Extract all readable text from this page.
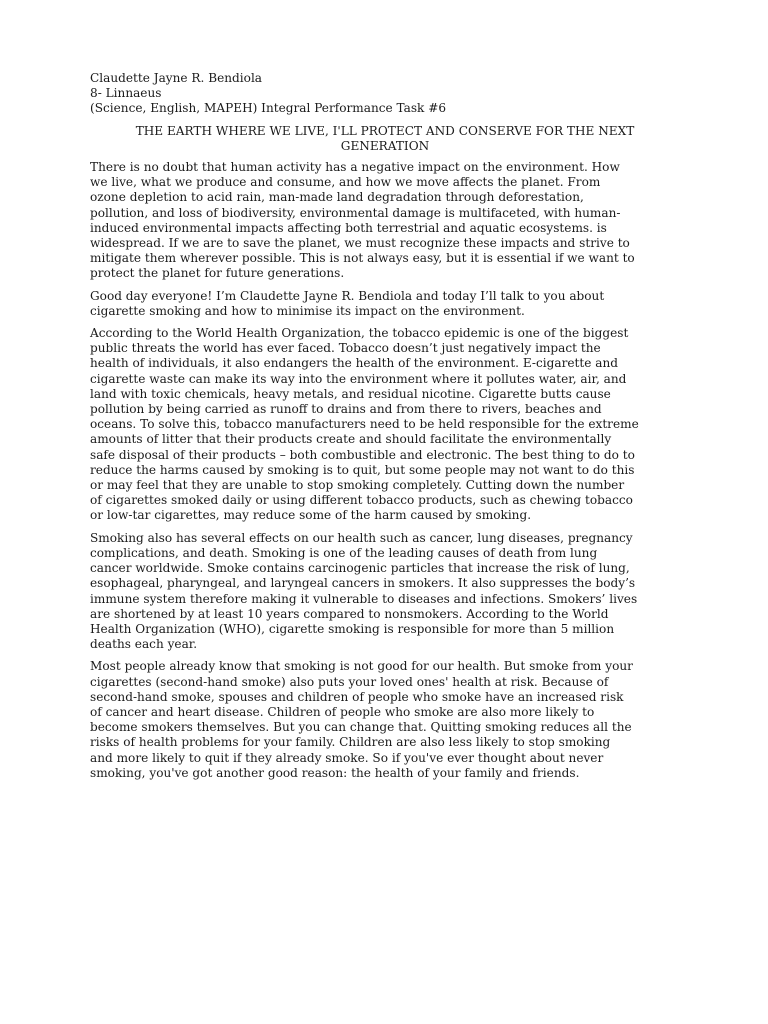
Claudette Jayne R. Bendiola
8- Linnaeus
(Science, English, MAPEH) Integral Performance Task #6
THE EARTH WHERE WE LIVE, I'LL PROTECT AND CONSERVE FOR THE NEXT
GENERATION

There is no doubt that human activity has a negative impact on the environment. How
we live, what we produce and consume, and how we move affects the planet. From
ozone depletion to acid rain, man-made land degradation through deforestation,
pollution, and loss of biodiversity, environmental damage is multifaceted, with human-
induced environmental impacts affecting both terrestrial and aquatic ecosystems. is
widespread. If we are to save the planet, we must recognize these impacts and strive to
mitigate them wherever possible. This is not always easy, but it is essential if we want to
protect the planet for future generations.

Good day everyone! I’m Claudette Jayne R. Bendiola and today I’ll talk to you about
cigarette smoking and how to minimise its impact on the environment.

According to the World Health Organization, the tobacco epidemic is one of the biggest
public threats the world has ever faced. Tobacco doesn’t just negatively impact the
health of individuals, it also endangers the health of the environment. E-cigarette and
cigarette waste can make its way into the environment where it pollutes water, air, and
land with toxic chemicals, heavy metals, and residual nicotine. Cigarette butts cause
pollution by being carried as runoff to drains and from there to rivers, beaches and
oceans. To solve this, tobacco manufacturers need to be held responsible for the extreme
amounts of litter that their products create and should facilitate the environmentally
safe disposal of their products – both combustible and electronic. The best thing to do to
reduce the harms caused by smoking is to quit, but some people may not want to do this
or may feel that they are unable to stop smoking completely. Cutting down the number
of cigarettes smoked daily or using different tobacco products, such as chewing tobacco
or low-tar cigarettes, may reduce some of the harm caused by smoking.

Smoking also has several effects on our health such as cancer, lung diseases, pregnancy
complications, and death. Smoking is one of the leading causes of death from lung
cancer worldwide. Smoke contains carcinogenic particles that increase the risk of lung,
esophageal, pharyngeal, and laryngeal cancers in smokers. It also suppresses the body’s
immune system therefore making it vulnerable to diseases and infections. Smokers’ lives
are shortened by at least 10 years compared to nonsmokers. According to the World
Health Organization (WHO), cigarette smoking is responsible for more than 5 million
deaths each year.

Most people already know that smoking is not good for our health. But smoke from your
cigarettes (second-hand smoke) also puts your loved ones' health at risk. Because of
second-hand smoke, spouses and children of people who smoke have an increased risk
of cancer and heart disease. Children of people who smoke are also more likely to
become smokers themselves. But you can change that. Quitting smoking reduces all the
risks of health problems for your family. Children are also less likely to stop smoking
and more likely to quit if they already smoke. So if you've ever thought about never
smoking, you've got another good reason: the health of your family and friends.
